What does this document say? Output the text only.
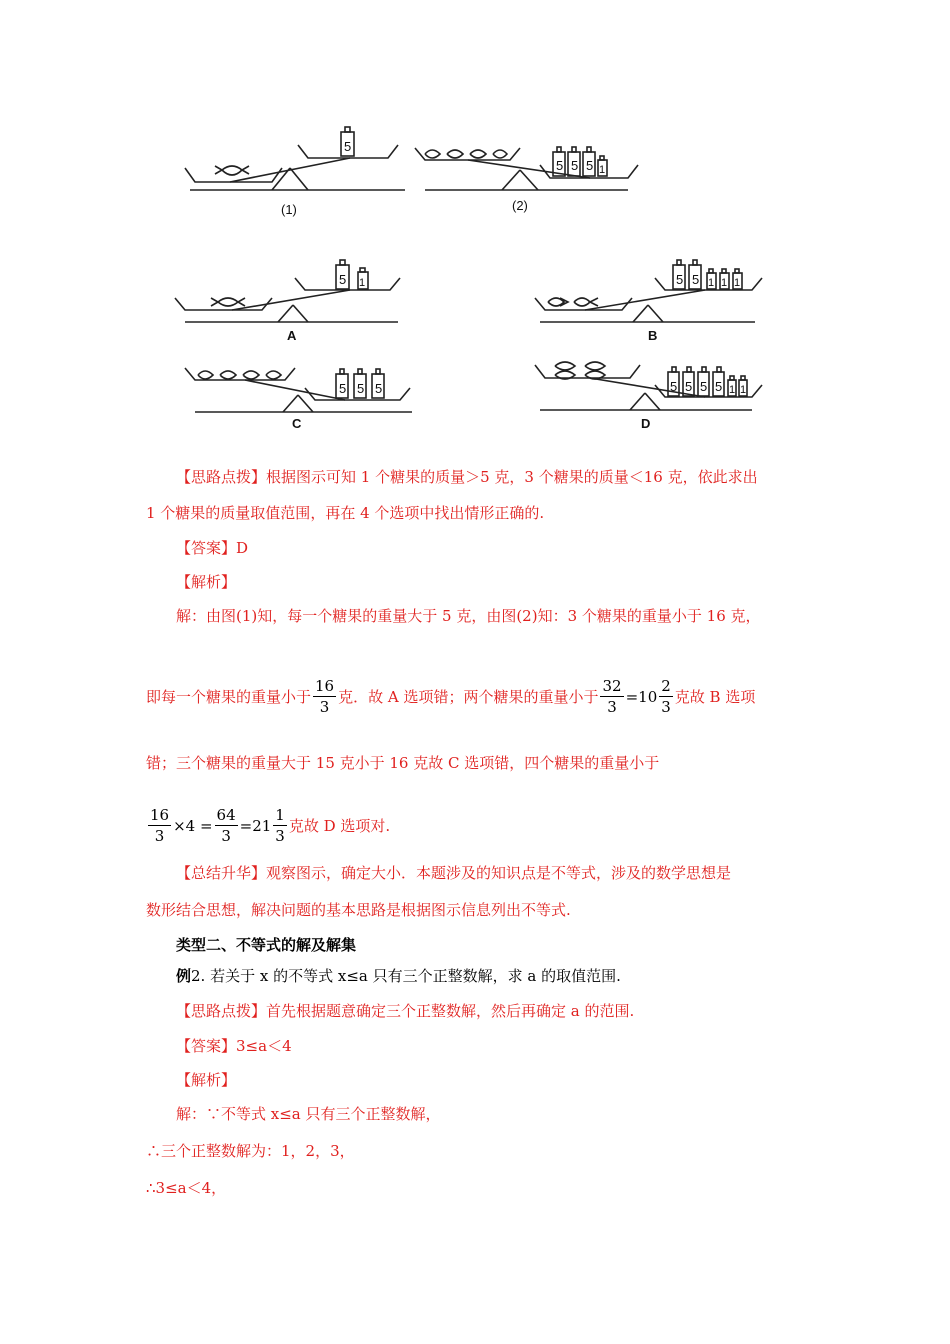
5
5 5 5 1
5 1	5 5 1 1 1
5 5 5	5 5 5 5 1 1
(1)	(2)
A	B
C	D
【思路点拨】根据图示可知 1 个糖果的质量＞5 克，3 个糖果的质量＜16 克，依此求出
1 个糖果的质量取值范围，再在 4 个选项中找出情形正确的.
【答案】D
【解析】
解：由图(1)知，每一个糖果的重量大于 5 克，由图(2)知：3 个糖果的重量小于 16 克，
即每一个糖果的重量小于 $\frac{16}{3}$ 克．故 A 选项错；两个糖果的重量小于 $\frac{32}{3} =10 \frac{2}{3}$ 克故 B 选项
错；三个糖果的重量大于 15 克小于 16 克故 C 选项错，四个糖果的重量小于
$\frac{16}{3} \times 4 = \frac{64}{3} =21 \frac{1}{3}$ 克故 D 选项对.
【总结升华】观察图示，确定大小．本题涉及的知识点是不等式，涉及的数学思想是
数形结合思想，解决问题的基本思路是根据图示信息列出不等式.
类型二、不等式的解及解集
例2. 若关于 x 的不等式 x≤a 只有三个正整数解，求 a 的取值范围.
【思路点拨】首先根据题意确定三个正整数解，然后再确定 a 的范围.
【答案】3≤a＜4
【解析】
解：∵不等式 x≤a 只有三个正整数解，
∴三个正整数解为：1，2，3，
∴3≤a＜4，
